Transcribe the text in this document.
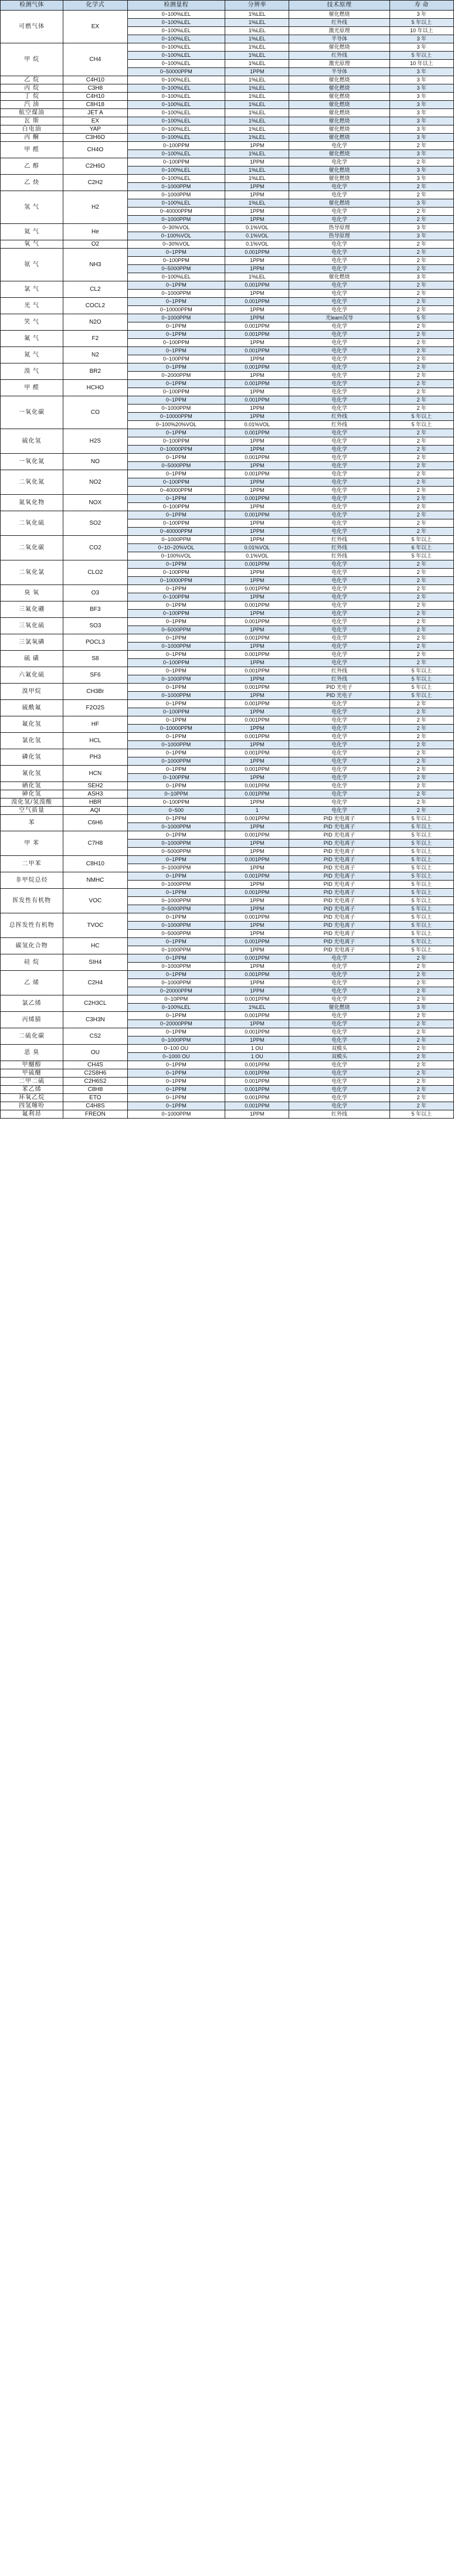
检测气体	化学式	检测量程	分辨率	技术原理	寿 命
可燃气体	EX	0~100%LEL	1%LEL	催化燃烧	3 年
		0~100%LEL	1%LEL	红外线	5 年以上
		0~100%LEL	1%LEL	激光原理	10 年以上
		0~100%LEL	1%LEL	半导体	3 年
甲 烷	CH4	0~100%LEL	1%LEL	催化燃烧	3 年
		0~100%LEL	1%LEL	红外线	5 年以上
		0~100%LEL	1%LEL	激光原理	10 年以上
		0~50000PPM	1PPM	半导体	3 年
乙 烷	C4H10	0~100%LEL	1%LEL	催化燃烧	3 年
丙 烷	C3H8	0~100%LEL	1%LEL	催化燃烧	3 年
丁 烷	C4H10	0~100%LEL	1%LEL	催化燃烧	3 年
汽 油	C8H18	0~100%LEL	1%LEL	催化燃烧	3 年
航空煤油	JET A	0~100%LEL	1%LEL	催化燃烧	3 年
瓦 斯	EX	0~100%LEL	1%LEL	催化燃烧	3 年
白电油	YAP	0~100%LEL	1%LEL	催化燃烧	3 年
丙 酮	C3H6O	0~100%LEL	1%LEL	催化燃烧	3 年
甲 醛	CH4O	0~100PPM	1PPM	电化学	2 年
		0~100%LEL	1%LEL	催化燃烧	3 年
乙 醇	C2H6O	0~100PPM	1PPM	电化学	2 年
		0~100%LEL	1%LEL	催化燃烧	3 年
乙 炔	C2H2	0~100%LEL	1%LEL	催化燃烧	3 年
		0~1000PPM	1PPM	电化学	2 年
氢 气	H2	0~1000PPM	1PPM	电化学	2 年
		0~100%LEL	1%LEL	催化燃烧	3 年
		0~40000PPM	1PPM	电化学	2 年
		0~1000PPM	1PPM	电化学	2 年
氦 气	He	0~30%VOL	0.1%VOL	热导原理	3 年
		0~100%VOL	0.1%VOL	热导原理	3 年
氧 气	O2	0~30%VOL	0.1%VOL	电化学	2 年
氨 气	NH3	0~1PPM	0.001PPM	电化学	2 年
		0~100PPM	1PPM	电化学	2 年
		0~5000PPM	1PPM	电化学	2 年
		0~100%LEL	1%LEL	催化燃烧	3 年
氯 气	CL2	0~1PPM	0.001PPM	电化学	2 年
		0~1000PPM	1PPM	电化学	2 年
光 气	COCL2	0~1PPM	0.001PPM	电化学	2 年
		0~10000PPM	1PPM	电化学	2 年
笑 气	N2O	0~1000PPM	1PPM	光learn误导	5 年
		0~1PPM	0.001PPM	电化学	2 年
氟 气	F2	0~1PPM	0.001PPM	电化学	2 年
		0~100PPM	1PPM	电化学	2 年
氮 气	N2	0~1PPM	0.001PPM	电化学	2 年
		0~100PPM	1PPM	电化学	2 年
溴 气	BR2	0~1PPM	0.001PPM	电化学	2 年
		0~2000PPM	1PPM	电化学	2 年
甲 醛	HCHO	0~1PPM	0.001PPM	电化学	2 年
		0~100PPM	1PPM	电化学	2 年
一氧化碳	CO	0~1PPM	0.001PPM	电化学	2 年
		0~1000PPM	1PPM	电化学	2 年
		0~10000PPM	1PPM	红外线	5 年以上
		0~100%20%VOL	0.01%VOL	红外线	5 年以上
硫化氢	H2S	0~1PPM	0.001PPM	电化学	2 年
		0~100PPM	1PPM	电化学	2 年
		0~10000PPM	1PPM	电化学	2 年
一氧化氮	NO	0~1PPM	0.001PPM	电化学	2 年
		0~5000PPM	1PPM	电化学	2 年
二氧化氮	NO2	0~1PPM	0.001PPM	电化学	2 年
		0~100PPM	1PPM	电化学	2 年
		0~40000PPM	1PPM	电化学	2 年
氮氧化物	NOX	0~1PPM	0.001PPM	电化学	2 年
		0~100PPM	1PPM	电化学	2 年
二氧化硫	SO2	0~1PPM	0.001PPM	电化学	2 年
		0~100PPM	1PPM	电化学	2 年
		0~40000PPM	1PPM	电化学	2 年
二氧化碳	CO2	0~1000PPM	1PPM	红外线	5 年以上
		0~10~20%VOL	0.01%VOL	红外线	6 年以上
		0~100%VOL	0.1%VOL	红外线	5 年以上
二氧化氯	CLO2	0~1PPM	0.001PPM	电化学	2 年
		0~100PPM	1PPM	电化学	2 年
		0~10000PPM	1PPM	电化学	2 年
臭 氧	O3	0~1PPM	0.001PPM	电化学	2 年
		0~100PPM	1PPM	电化学	2 年
三氟化硼	BF3	0~1PPM	0.001PPM	电化学	2 年
		0~100PPM	1PPM	电化学	2 年
三氧化硫	SO3	0~1PPM	0.001PPM	电化学	2 年
		0~5000PPM	1PPM	电化学	2 年
三氯氧磷	POCL3	0~1PPM	0.001PPM	电化学	2 年
		0~1000PPM	1PPM	电化学	2 年
硫 磺	S8	0~1PPM	0.001PPM	电化学	2 年
		0~100PPM	1PPM	电化学	2 年
六氟化硫	SF6	0~1PPM	0.001PPM	红外线	5 年以上
		0~1000PPM	1PPM	红外线	5 年以上
溴甲烷	CH3Br	0~1PPM	0.001PPM	PID 光电子	5 年以上
		0~1000PPM	1PPM	PID 光电子	5 年以上
硫酰氟	F2O2S	0~1PPM	0.001PPM	电化学	2 年
		0~100PPM	1PPM	电化学	2 年
氟化氢	HF	0~1PPM	0.001PPM	电化学	2 年
		0~10000PPM	1PPM	电化学	2 年
氯化氢	HCL	0~1PPM	0.001PPM	电化学	2 年
		0~1000PPM	1PPM	电化学	2 年
磷化氢	PH3	0~1PPM	0.001PPM	电化学	2 年
		0~1000PPM	1PPM	电化学	2 年
氰化氢	HCN	0~1PPM	0.001PPM	电化学	2 年
		0~100PPM	1PPM	电化学	2 年
硒化氢	SEH2	0~1PPM	0.001PPM	电化学	2 年
砷化氢	ASH3	0~10PPM	0.001PPM	电化学	2 年
溴化氢/氢溴酸	HBR	0~100PPM	1PPM	电化学	2 年
空气质量	AQI	0~500	1	电化学	2 年
苯	C6H6	0~1PPM	0.001PPM	PID 光电离子	5 年以上
		0~1000PPM	1PPM	PID 光电离子	5 年以上
甲 苯	C7H8	0~1PPM	0.001PPM	PID 光电离子	5 年以上
		0~1000PPM	1PPM	PID 光电离子	5 年以上
		0~5000PPM	1PPM	PID 光电离子	5 年以上
二甲苯	C8H10	0~1PPM	0.001PPM	PID 光电离子	5 年以上
		0~1000PPM	1PPM	PID 光电离子	5 年以上
非甲烷总烃	NMHC	0~1PPM	0.001PPM	PID 光电离子	5 年以上
		0~1000PPM	1PPM	PID 光电离子	5 年以上
挥发性有机物	VOC	0~1PPM	0.001PPM	PID 光电离子	5 年以上
		0~1000PPM	1PPM	PID 光电离子	5 年以上
		0~5000PPM	1PPM	PID 光电离子	5 年以上
总挥发性有机物	TVOC	0~1PPM	0.001PPM	PID 光电离子	5 年以上
		0~1000PPM	1PPM	PID 光电离子	5 年以上
		0~5000PPM	1PPM	PID 光电离子	5 年以上
碳氢化合物	HC	0~1PPM	0.001PPM	PID 光电离子	5 年以上
		0~1000PPM	1PPM	PID 光电离子	5 年以上
硅 烷	SIH4	0~1PPM	0.001PPM	电化学	2 年
		0~1000PPM	1PPM	电化学	2 年
乙 烯	C2H4	0~1PPM	0.001PPM	电化学	2 年
		0~1000PPM	1PPM	电化学	2 年
		0~20000PPM	1PPM	电化学	2 年
氯乙烯	C2H3CL	0~10PPM	0.001PPM	电化学	2 年
		0~100%LEL	1%LEL	催化燃烧	3 年
丙烯腈	C3H3N	0~1PPM	0.001PPM	电化学	2 年
		0~20000PPM	1PPM	电化学	2 年
二硫化碳	CS2	0~1PPM	0.001PPM	电化学	2 年
		0~1000PPM	1PPM	电化学	2 年
恶 臭	OU	0~100 OU	1 OU	双模头	2 年
		0~1000 OU	1 OU	双模头	2 年
甲醚醇	CH4S	0~1PPM	0.001PPM	电化学	2 年
甲硫醚	C2S8H6	0~1PPM	0.001PPM	电化学	2 年
二甲二硫	C2H6S2	0~1PPM	0.001PPM	电化学	2 年
苯乙烯	C8H8	0~1PPM	0.001PPM	电化学	2 年
环氧乙烷	ETO	0~1PPM	0.001PPM	电化学	2 年
四氢噻吩	C4H8S	0~1PPM	0.001PPM	电化学	2 年
氟利昂	FREON	0~1000PPM	1PPM	红外线	5 年以上
